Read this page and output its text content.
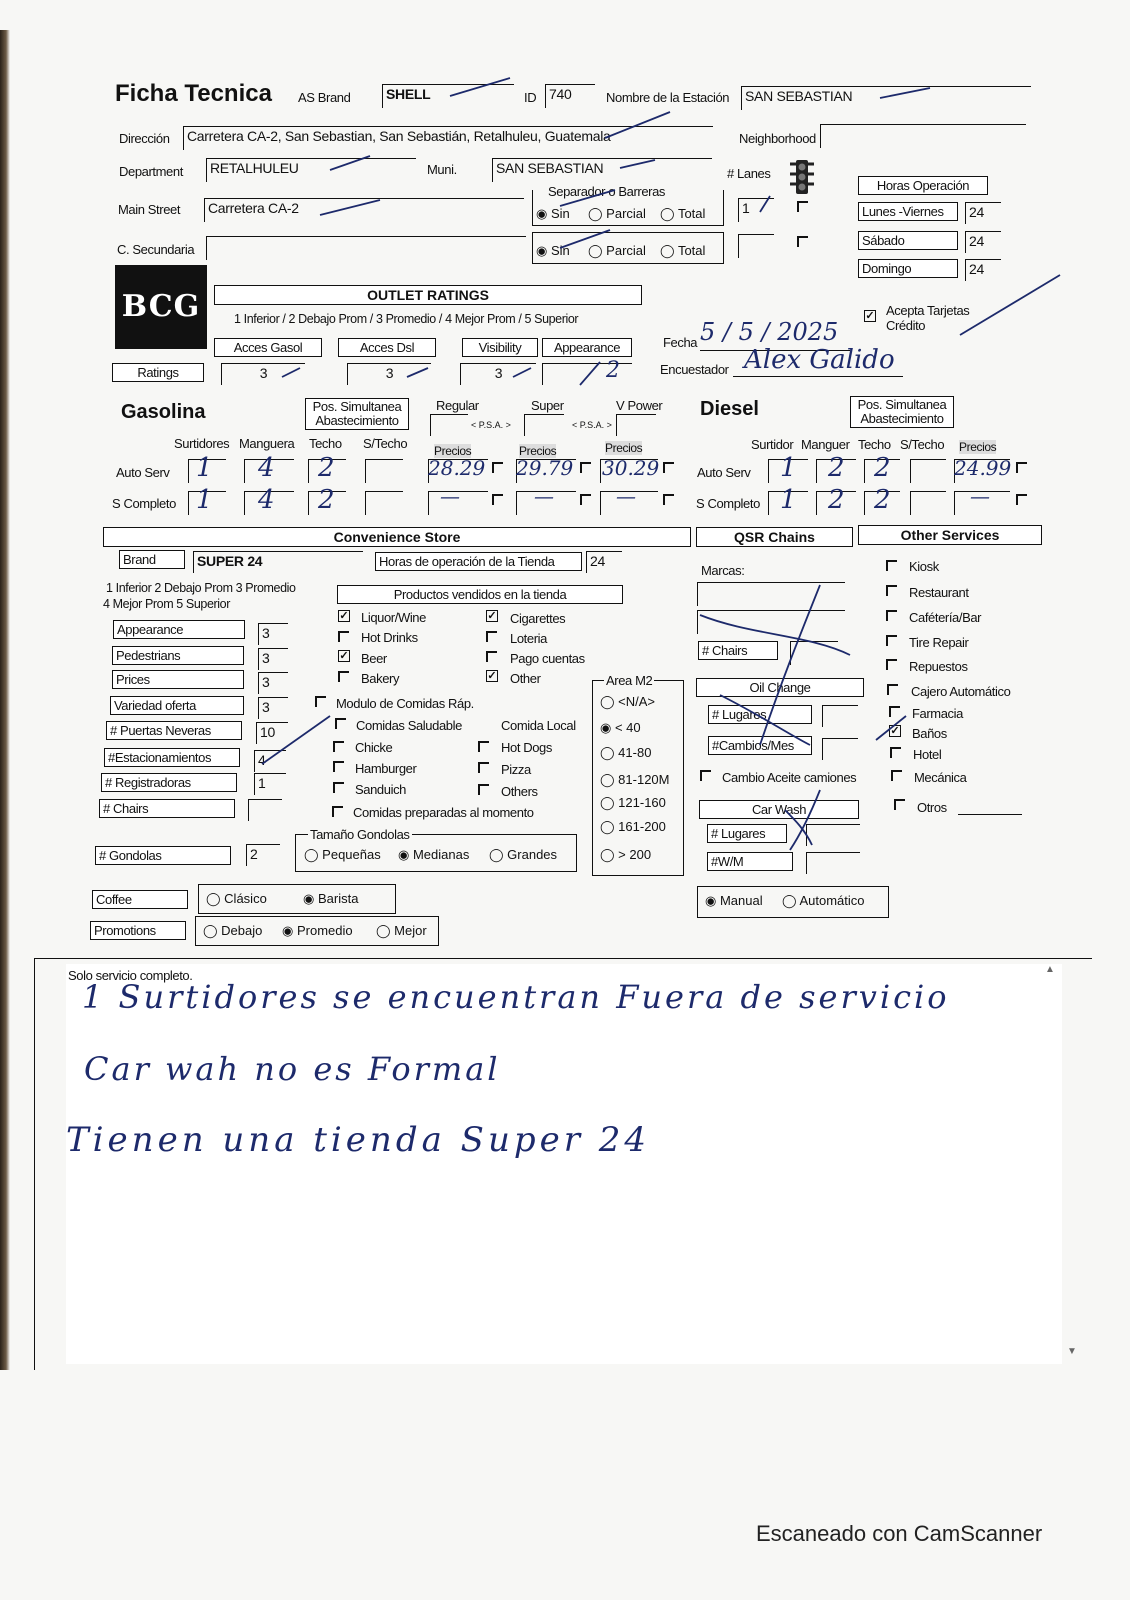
Ficha Tecnica AS Brand	SHELL	ID 740	Nombre de la Estación SAN SEBASTIAN
Dirección Carretera CA-2, San Sebastian, San Sebastián, Retalhuleu, Guatemala	Neighborhood
Department RETALHULEU	Muni.	SAN SEBASTIAN	# Lanes
Main Street Carretera CA-2
C. Secundaria
Separador o Barreras
◉ Sin ◯ Parcial ◯ Total
◉ Sin ◯ Parcial ◯ Total
1
Horas Operación
Lunes -Viernes	24
Sábado	24
Domingo	24
BCG	OUTLET RATINGS
1 Inferior / 2 Debajo Prom / 3 Promedio / 4 Mejor Prom / 5 Superior
Acces Gasol	Acces Dsl	Visibility	Appearance
Ratings	3	3	3	2
✓ Acepta Tarjetas Crédito
Fecha 5 / 5 / 2025
Encuestador Alex Galido
Gasolina	Pos. Simultanea Abastecimiento
Regular	Super	V Power
< P.S.A. >	< P.S.A. >
Surtidores Manguera Techo S/Techo Precios	Precios	Precios
Auto Serv 1 4 2	28.29 29.79 30.29
S Completo 1 4 2	—	—	—
Diesel	Pos. Simultanea Abastecimiento
Surtidor Manguer Techo S/Techo Precios
Auto Serv 1 2 2	24.99
S Completo 1 2 2	—
Convenience Store	QSR Chains	Other Services
Brand	SUPER 24	Horas de operación de la Tienda	24
1 Inferior 2 Debajo Prom 3 Promedio
4 Mejor Prom 5 Superior
Productos vendidos en la tienda
Appearance	3
Pedestrians	3
Prices	3
Variedad oferta	3
# Puertas Neveras	10
#Estacionamientos	4
# Registradoras	1
# Chairs
# Gondolas	2
✓ Liquor/Wine
Hot Drinks
✓ Beer
Bakery
✓ Cigarettes
Loteria
Pago cuentas
✓ Other
Modulo de Comidas Ráp.
Comidas Saludable	Comida Local
Chicke
Hamburger
Sanduich
Hot Dogs
Pizza
Others
Comidas preparadas al momento
Tamaño Gondolas
◯ Pequeñas ◉ Medianas ◯ Grandes
Area M2
◯ <N/A>
◉ < 40
◯ 41-80
◯ 81-120M
◯ 121-160
◯ 161-200
◯ > 200
Coffee	◯ Clásico	◉ Barista
Promotions	◯ Debajo ◉ Promedio ◯ Mejor
Marcas:
# Chairs
Oil Change
# Lugares
#Cambios/Mes
Cambio Aceite camiones
Car Wash
# Lugares
#W/M
◉ Manual ◯ Automático
Kiosk
Restaurant
Cafétería/Bar
Tire Repair
Repuestos
Cajero Automático
Farmacia
✓ Baños
Hotel
Mecánica
Otros
Solo servicio completo.	▲
▼
1 Surtidores se encuentran Fuera de servicio
Car wah no es Formal
Tienen una tienda Super 24
Escaneado con CamScanner
